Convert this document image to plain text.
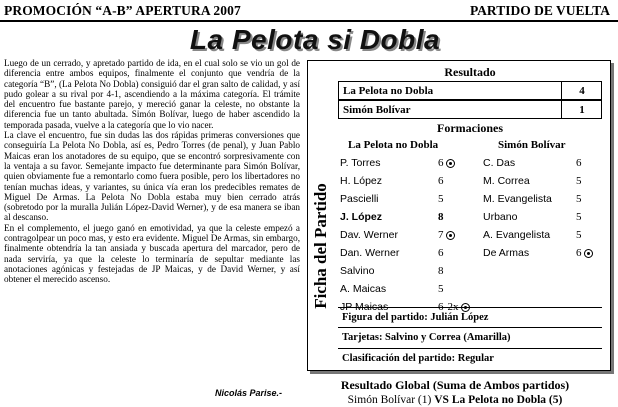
PROMOCIÓN “A-B” APERTURA 2007	PARTIDO DE VUELTA
La Pelota si Dobla

Luego de un cerrado, y apretado partido de ida, en el cual solo se vio un gol de diferencia entre ambos equipos, finalmente el conjunto que vendría de la categoría “B”, (La Pelota No Dobla) consiguió dar el gran salto de calidad, y así pudo golear a su rival por 4-1, ascendiendo a la máxima categoría. El trámite del encuentro fue bastante parejo, y mereció ganar la celeste, no obstante la diferencia fue un tanto abultada. Simón Bolívar, luego de haber ascendido la temporada pasada, vuelve a la categoría que lo vio nacer.

La clave el encuentro, fue sin dudas las dos rápidas primeras conversiones que conseguiría La Pelota No Dobla, así es, Pedro Torres (de penal), y Juan Pablo Maicas eran los anotadores de su equipo, que se encontró sorpresivamente con la ventaja a su favor. Semejante impacto fue determinante para Simón Bolívar, quien obviamente fue a remontarlo como fuera posible, pero los libertadores no tenían muchas ideas, y variantes, su única vía eran los predecibles remates de Miguel De Armas. La Pelota No Dobla estaba muy bien cerrado atrás (sobretodo por la muralla Julián López-David Werner), y de esa manera se iban al descanso.

En el complemento, el juego ganó en emotividad, ya que la celeste empezó a contragolpear un poco mas, y esto era evidente. Miguel De Armas, sin embargo, finalmente obtendría la tan ansiada y buscada apertura del marcador, pero de nada serviría, ya que la celeste lo terminaría de sepultar mediante las anotaciones agónicas y festejadas de JP Maicas, y de David Werner, y así obtener el merecido ascenso.

Nicolás Parise.-
Ficha del Partido
Resultado
La Pelota no Dobla	4
Simón Bolívar	1
Formaciones
La Pelota no Dobla	Simón Bolívar
P. Torres	6	C. Das	6
H. López	6	M. Correa	5
Pascielli	5	M. Evangelista 5
J. López	8	Urbano	5
Dav. Werner	7	A. Evangelista 5
Dan. Werner	6	De Armas	6
Salvino	8
A. Maicas	5
JP Maicas	6 2x
Figura del partido: Julián López
Tarjetas: Salvino y Correa (Amarilla)
Clasificación del partido: Regular
Resultado Global (Suma de Ambos partidos)
Simón Bolívar (1) VS La Pelota no Dobla (5)
